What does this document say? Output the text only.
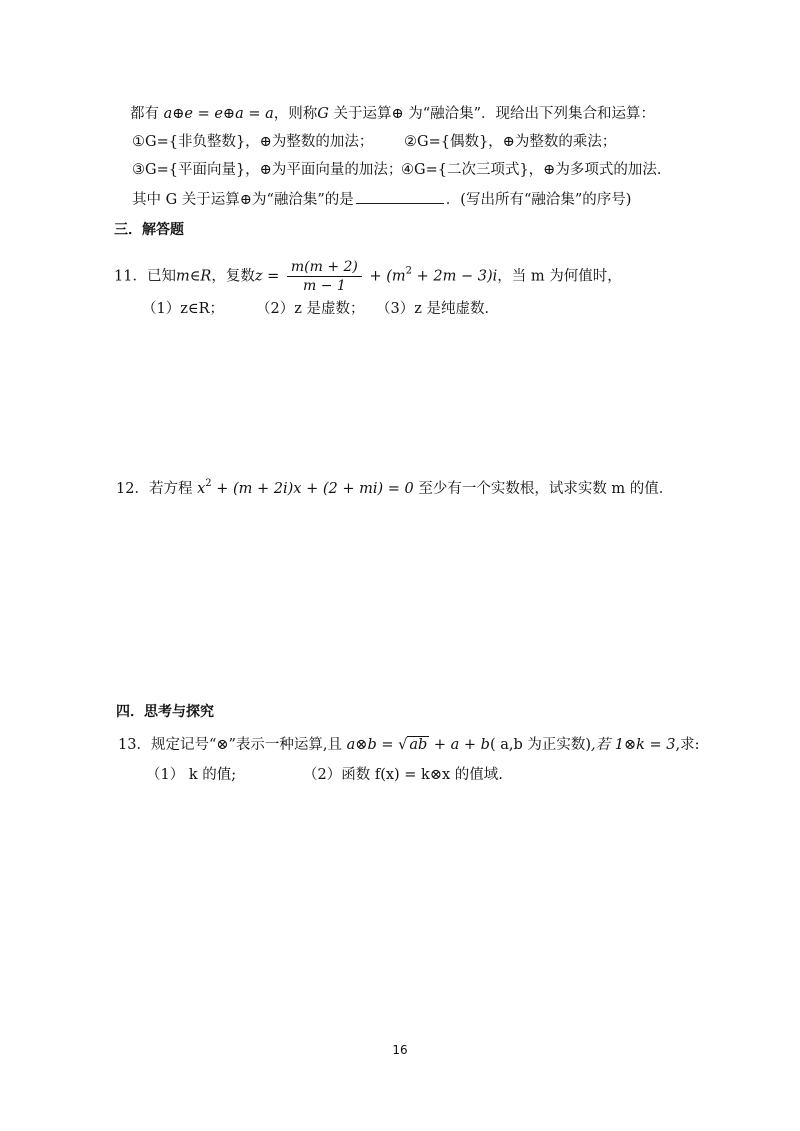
都有 a⊕e = e⊕a = a，则称G 关于运算⊕ 为“融洽集”．现给出下列集合和运算：
①G={非负整数}，⊕为整数的加法； ②G={偶数}，⊕为整数的乘法；
③G={平面向量}，⊕为平面向量的加法；
④G={二次三项式}，⊕为多项式的加法．
其中 G 关于运算⊕为“融洽集”的是	．(写出所有“融洽集”的序号)
三．解答题
11．已知m∈R，复数$z = \frac{m(m + 2)}{m - 1} + (m^2 + 2m - 3)i$，当 m 为何值时，
（1）z∈R； （2）z 是虚数； （3）z 是纯虚数．
12．若方程 $x^2 + (m + 2i)x + (2 + mi) = 0$ 至少有一个实数根，试求实数 m 的值．
四．思考与探究
13．规定记号“⊗”表示一种运算,且 a⊗b = √ ab + a + b( a,b 为正实数),若 1⊗k = 3,求:
（1） k 的值;	（2）函数 f(x) = k⊗x 的值域.
16
